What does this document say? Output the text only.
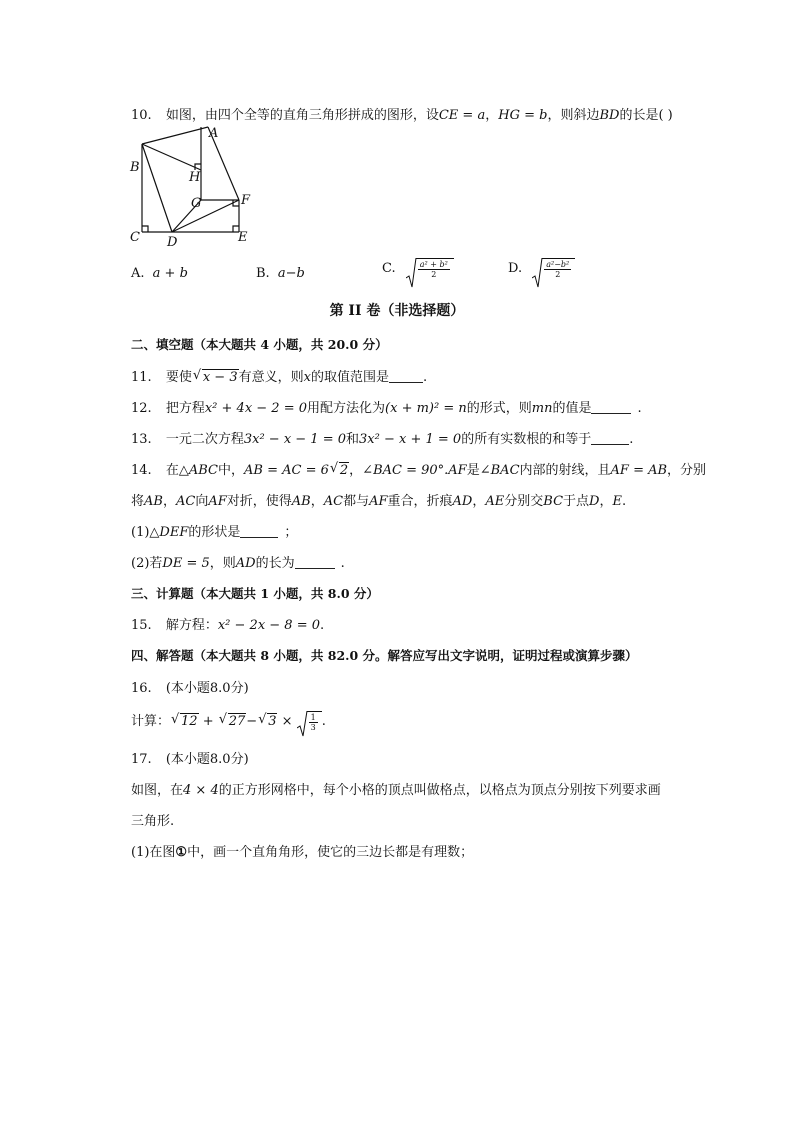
10. 如图，由四个全等的直角三角形拼成的图形，设CE = a，HG = b，则斜边BD的长是( )
A
B
H
G	F
C D	E
A. a + b	B. a−b	C.	$\frac{\text{a² + b²}}{2}$	D.	$\frac{\text{a²−b²}}{2}$
第 II 卷（非选择题）
二、填空题（本大题共 4 小题，共 20.0 分）
11. 要使 √ x − 3有意义，则x的取值范围是	.
12. 把方程x² + 4x − 2 = 0用配方法化为(x + m)² = n的形式，则mn的值是	.
13. 一元二次方程3x² − x − 1 = 0和3x² − x + 1 = 0的所有实数根的和等于	.
14. 在△ABC中，AB = AC = 6 √ 2，∠BAC = 90°.AF是∠BAC内部的射线，且AF = AB，分别
将AB，AC向AF对折，使得AB，AC都与AF重合，折痕AD，AE分别交BC于点D，E.
(1)△DEF的形状是	；
(2)若DE = 5，则AD的长为	.
三、计算题（本大题共 1 小题，共 8.0 分）
15. 解方程：x² − 2x − 8 = 0.
四、解答题（本大题共 8 小题，共 82.0 分。解答应写出文字说明，证明过程或演算步骤）
16. (本小题8.0分)
计算： √ 12 + √ 27− √ $3 \times \frac{1}{3}$ .
17. (本小题8.0分)
如图，在4 × 4的正方形网格中，每个小格的顶点叫做格点，以格点为顶点分别按下列要求画
三角形.
(1)在图①中，画一个直角角形，使它的三边长都是有理数；
